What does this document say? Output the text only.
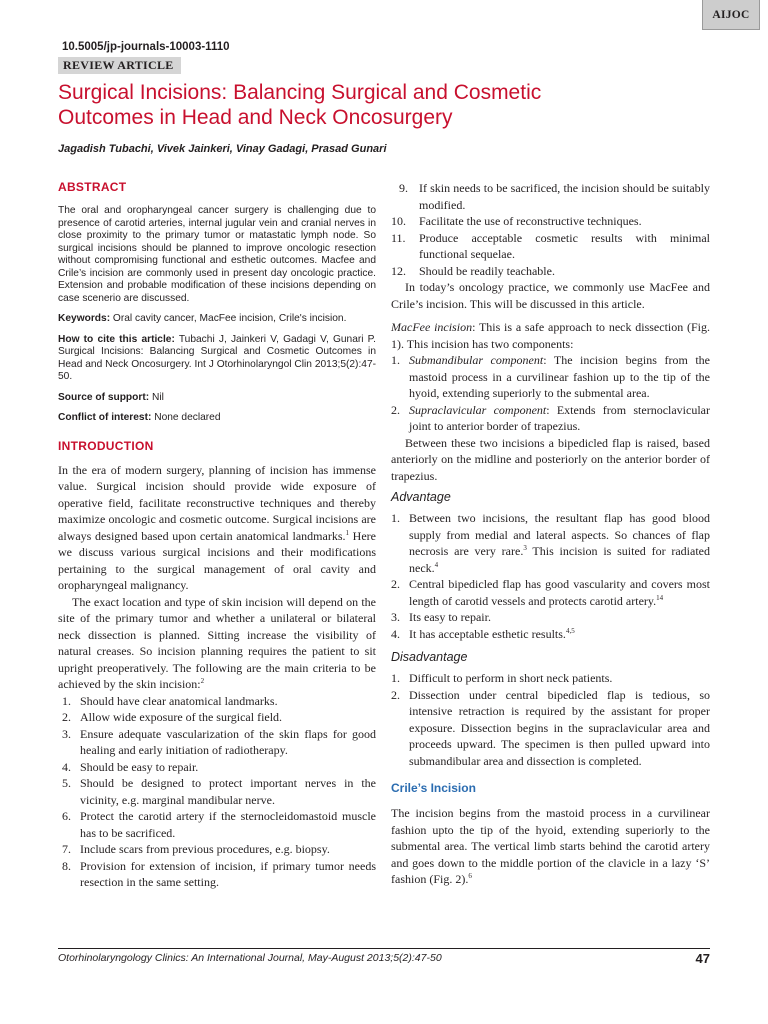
AIJOC
10.5005/jp-journals-10003-1110
REVIEW ARTICLE
Surgical Incisions: Balancing Surgical and Cosmetic
Outcomes in Head and Neck Oncosurgery
Jagadish Tubachi, Vivek Jainkeri, Vinay Gadagi, Prasad Gunari
ABSTRACT

The oral and oropharyngeal cancer surgery is challenging due to presence of carotid arteries, internal jugular vein and cranial nerves in close proximity to the primary tumor or matastatic lymph node. So surgical incisions should be planned to improve oncologic resection without compromising functional and esthetic outcomes. Macfee and Crile’s incision are commonly used in present day oncologic practice. Extension and probable modification of these incisions depending on case scenerio are discussed.

Keywords: Oral cavity cancer, MacFee incision, Crile's incision.

How to cite this article: Tubachi J, Jainkeri V, Gadagi V, Gunari P. Surgical Incisions: Balancing Surgical and Cosmetic Outcomes in Head and Neck Oncosurgery. Int J Otorhinolaryngol Clin 2013;5(2):47-50.

Source of support: Nil

Conflict of interest: None declared

INTRODUCTION

In the era of modern surgery, planning of incision has immense value. Surgical incision should provide wide exposure of operative field, facilitate reconstructive techniques and thereby maximize oncologic and cosmetic outcome. Surgical incisions are always designed based upon certain anatomical landmarks.$^1$ Here we discuss various surgical incisions and their modifications pertaining to the surgical management of oral cavity and oropharyngeal malignancy.

The exact location and type of skin incision will depend on the site of the primary tumor and whether a unilateral or bilateral neck dissection is planned. Sitting increase the visibility of natural creases. So incision planning requires the patient to sit upright preoperatively. The following are the main criteria to be achieved by the skin incision:$^2$

1. Should have clear anatomical landmarks.
2. Allow wide exposure of the surgical field.
3. Ensure adequate vascularization of the skin flaps for good healing and early initiation of radiotherapy.
4. Should be easy to repair.
5. Should be designed to protect important nerves in the vicinity, e.g. marginal mandibular nerve.
6. Protect the carotid artery if the sternocleidomastoid muscle has to be sacrificed.
7. Include scars from previous procedures, e.g. biopsy.
8. Provision for extension of incision, if primary tumor needs resection in the same setting.
9. If skin needs to be sacrificed, the incision should be suitably modified.
10.	Facilitate the use of reconstructive techniques.
11.	Produce acceptable cosmetic results with minimal functional sequelae.
12.	Should be readily teachable.

In today’s oncology practice, we commonly use MacFee and Crile’s incision. This will be discussed in this article.

MacFee incision: This is a safe approach to neck dissection (Fig. 1). This incision has two components:

1. Submandibular component: The incision begins from the mastoid process in a curvilinear fashion up to the tip of the hyoid, extending superiorly to the submental area.
2. Supraclavicular component: Extends from sternoclavicular joint to anterior border of trapezius.

Between these two incisions a bipedicled flap is raised, based anteriorly on the midline and posteriorly on the anterior border of trapezius.

Advantage
1. Between two incisions, the resultant flap has good blood supply from medial and lateral aspects. So chances of flap necrosis are very rare.$^3$ This incision is suited for radiated neck.$^4$
2. Central bipedicled flap has good vascularity and covers most length of carotid vessels and protects carotid artery.$^{14}$
3. Its easy to repair.
4. It has acceptable esthetic results.$^{4,5}$
Disadvantage
1. Difficult to perform in short neck patients.
2. Dissection under central bipedicled flap is tedious, so intensive retraction is required by the assistant for proper exposure. Dissection begins in the supraclavicular area and proceeds upward. The specimen is then pulled upward into submandibular area and dissection is completed.
Crile’s Incision

The incision begins from the mastoid process in a curvilinear fashion upto the tip of the hyoid, extending superiorly to the submental area. The vertical limb starts behind the carotid artery and goes down to the middle portion of the clavicle in a lazy ‘S’ fashion (Fig. 2).$^6$

Otorhinolaryngology Clinics: An International Journal, May-August 2013;5(2):47-50	47
